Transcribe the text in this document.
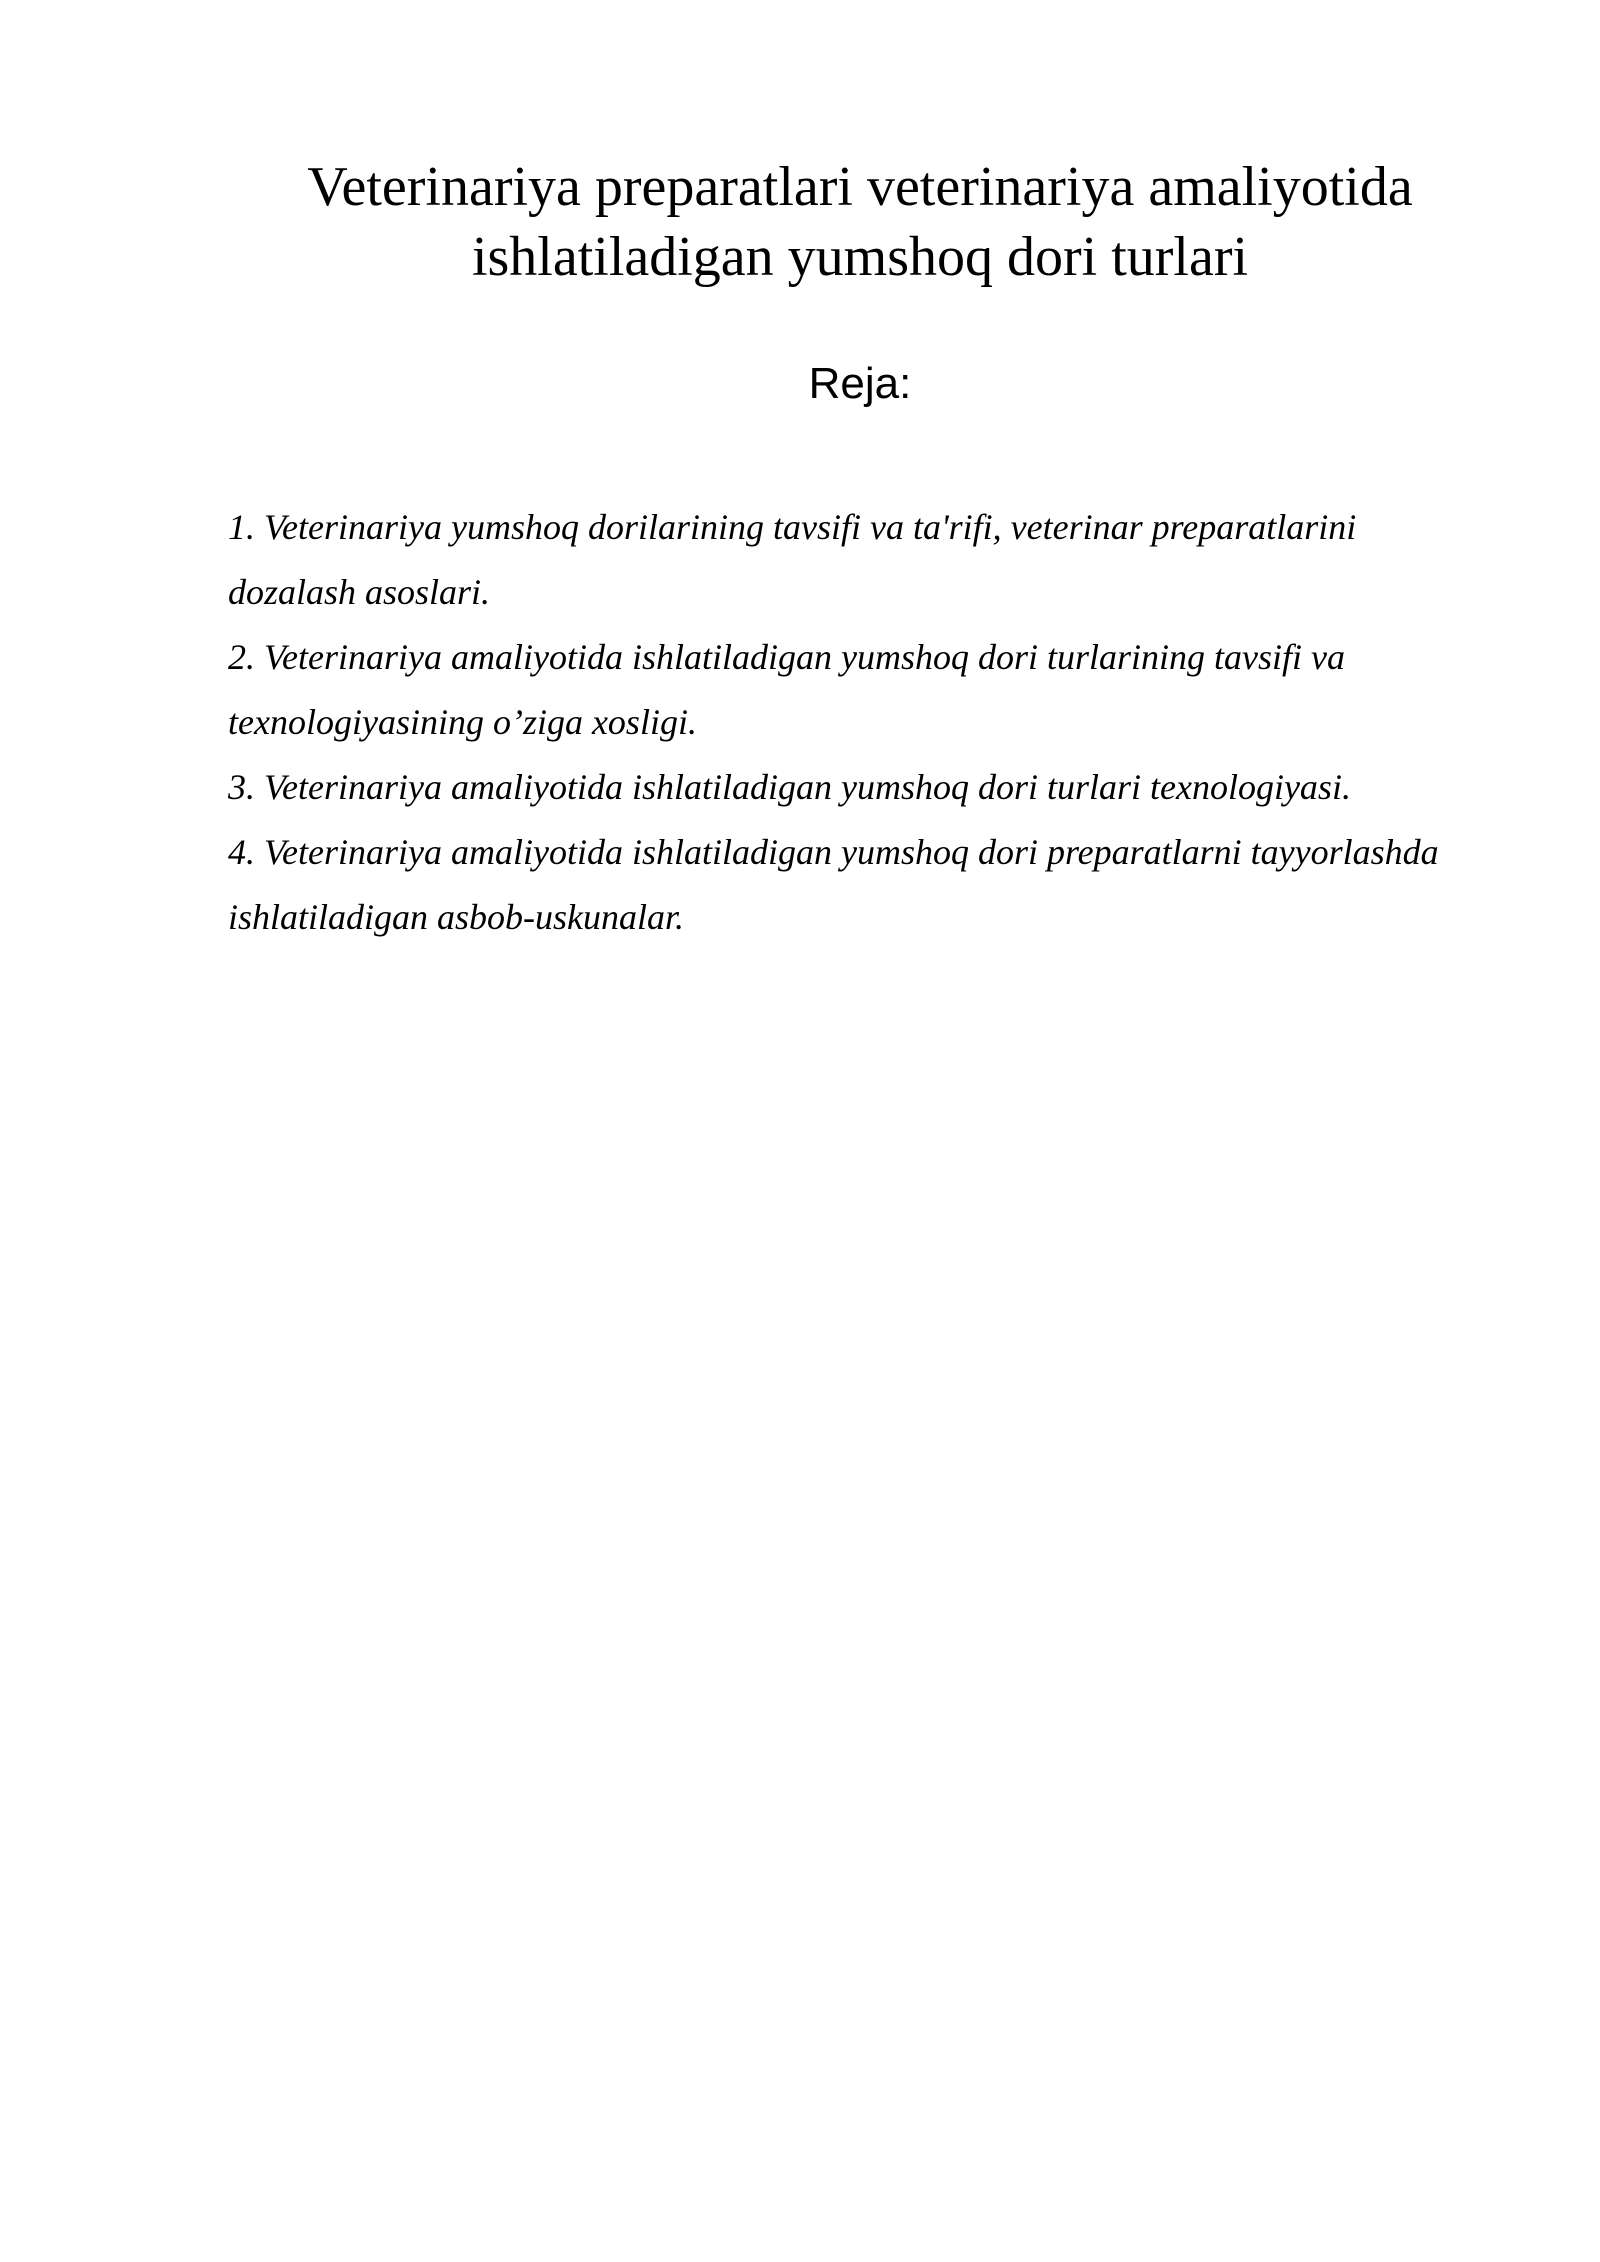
Veterinariya preparatlari veterinariya amaliyotida ishlatiladigan yumshoq dori turlari
Reja:
1. Veterinariya yumshoq dorilarining tavsifi va ta'rifi, veterinar preparatlarini dozalash asoslari.
2. Veterinariya amaliyotida ishlatiladigan yumshoq dori turlarining tavsifi va texnologiyasining o’ziga xosligi.
3. Veterinariya amaliyotida ishlatiladigan yumshoq dori turlari texnologiyasi.
4. Veterinariya amaliyotida ishlatiladigan yumshoq dori preparatlarni tayyorlashda ishlatiladigan asbob-uskunalar.
